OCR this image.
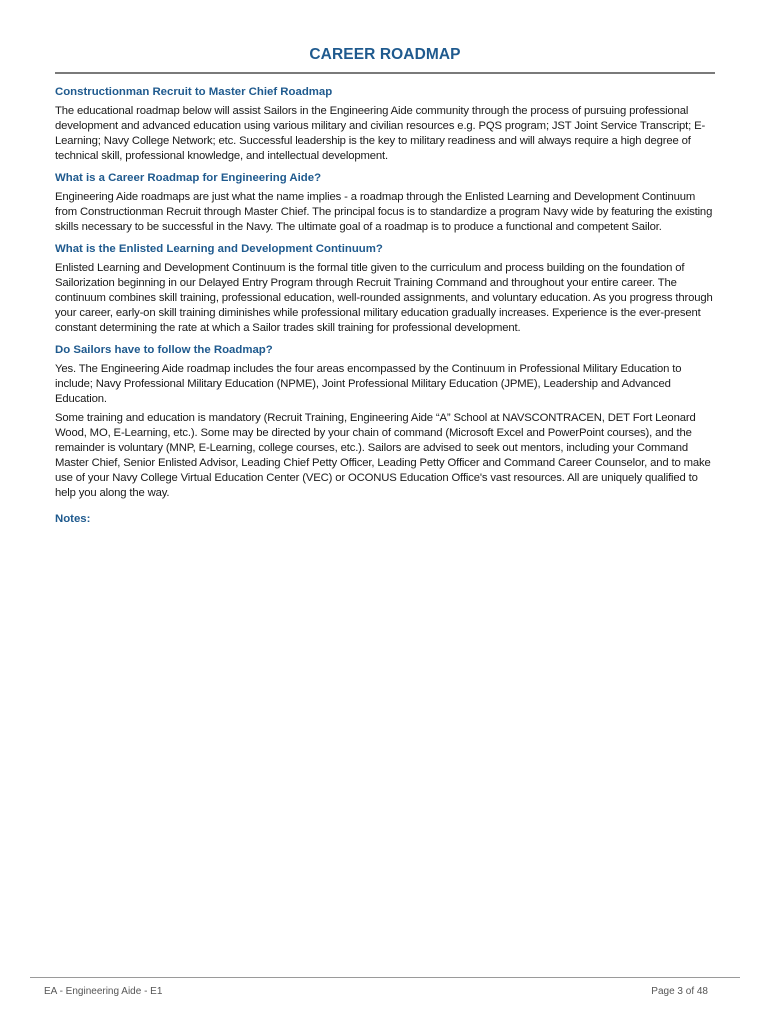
CAREER ROADMAP

Constructionman Recruit to Master Chief Roadmap

The educational roadmap below will assist Sailors in the Engineering Aide community through the process of pursuing professional development and advanced education using various military and civilian resources e.g. PQS program; JST Joint Service Transcript; E-Learning; Navy College Network; etc. Successful leadership is the key to military readiness and will always require a high degree of technical skill, professional knowledge, and intellectual development.

What is a Career Roadmap for Engineering Aide?

Engineering Aide roadmaps are just what the name implies - a roadmap through the Enlisted Learning and Development Continuum from Constructionman Recruit through Master Chief. The principal focus is to standardize a program Navy wide by featuring the existing skills necessary to be successful in the Navy. The ultimate goal of a roadmap is to produce a functional and competent Sailor.

What is the Enlisted Learning and Development Continuum?

Enlisted Learning and Development Continuum is the formal title given to the curriculum and process building on the foundation of Sailorization beginning in our Delayed Entry Program through Recruit Training Command and throughout your entire career. The continuum combines skill training, professional education, well-rounded assignments, and voluntary education. As you progress through your career, early-on skill training diminishes while professional military education gradually increases. Experience is the ever-present constant determining the rate at which a Sailor trades skill training for professional development.

Do Sailors have to follow the Roadmap?

Yes. The Engineering Aide roadmap includes the four areas encompassed by the Continuum in Professional Military Education to include; Navy Professional Military Education (NPME), Joint Professional Military Education (JPME), Leadership and Advanced Education.

Some training and education is mandatory (Recruit Training, Engineering Aide “A” School at NAVSCONTRACEN, DET Fort Leonard Wood, MO, E-Learning, etc.). Some may be directed by your chain of command (Microsoft Excel and PowerPoint courses), and the remainder is voluntary (MNP, E-Learning, college courses, etc.). Sailors are advised to seek out mentors, including your Command Master Chief, Senior Enlisted Advisor, Leading Chief Petty Officer, Leading Petty Officer and Command Career Counselor, and to make use of your Navy College Virtual Education Center (VEC) or OCONUS Education Office's vast resources. All are uniquely qualified to help you along the way.

Notes:

EA - Engineering Aide - E1	Page 3 of 48
